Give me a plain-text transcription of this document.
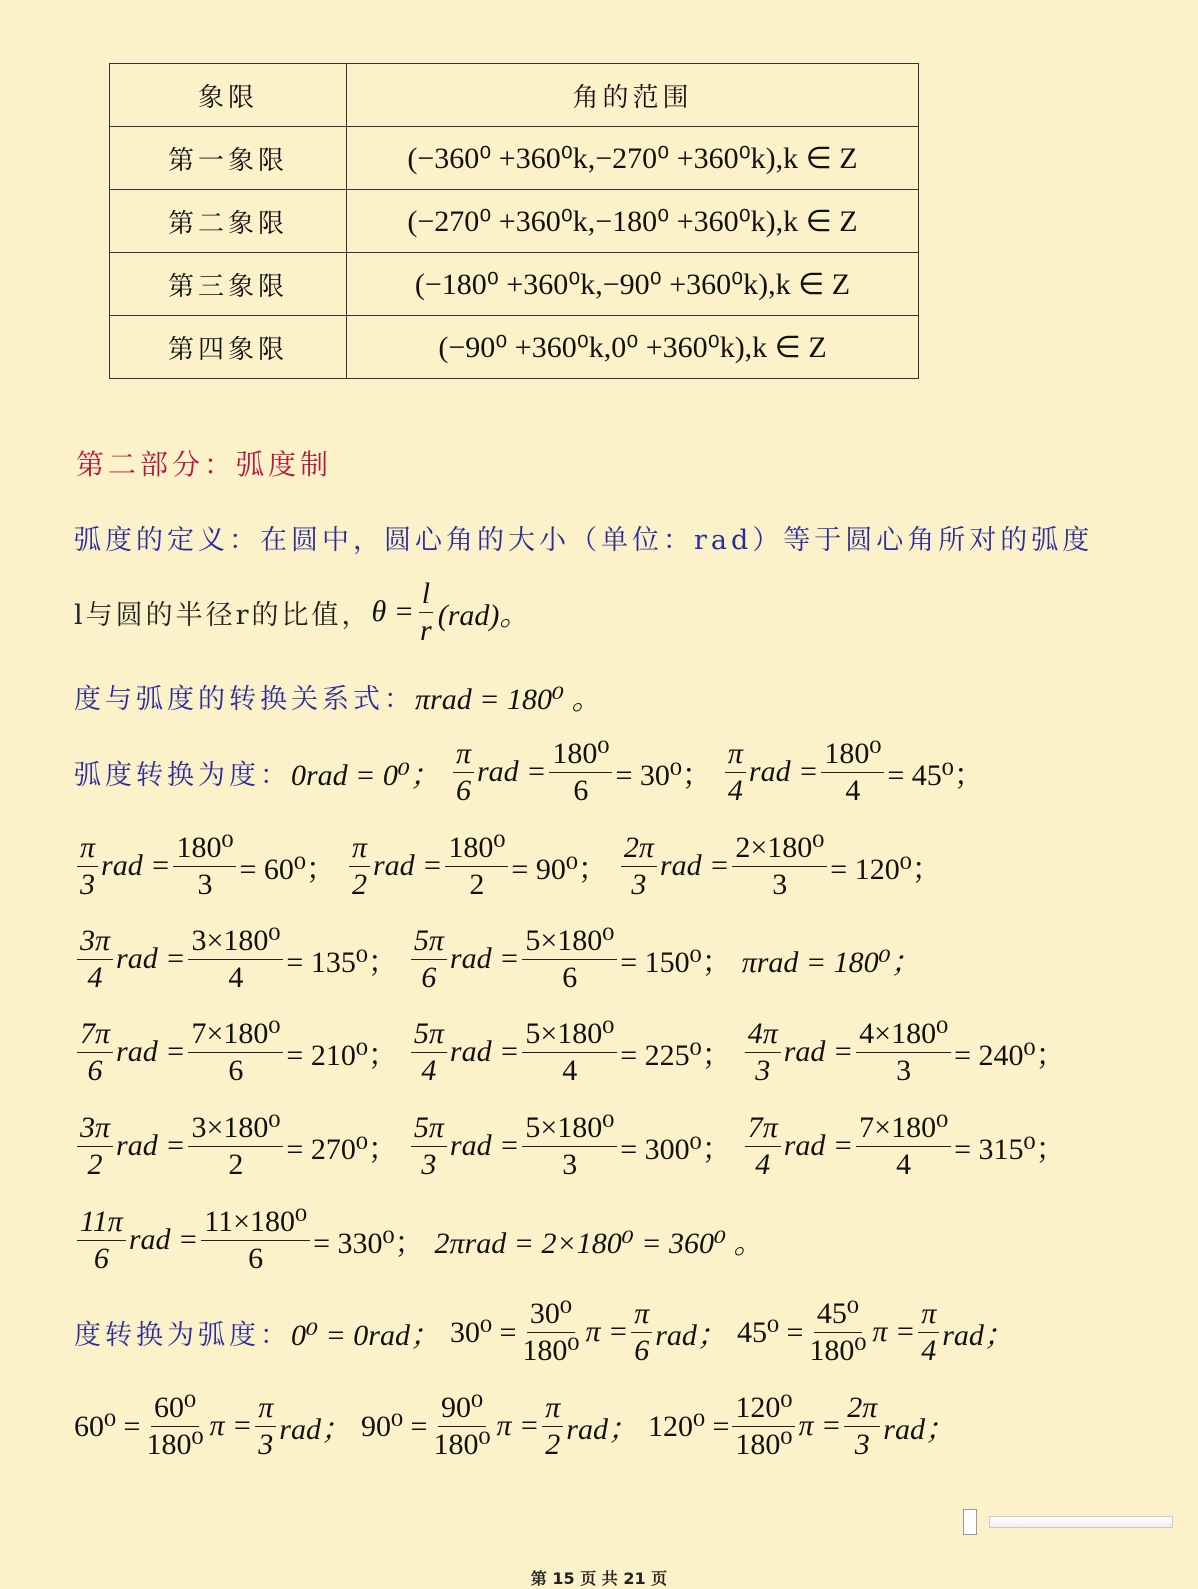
象限	角的范围
第一象限	(−360⁰ +360⁰k,−270⁰ +360⁰k),k ∈ Z
第二象限	(−270⁰ +360⁰k,−180⁰ +360⁰k),k ∈ Z
第三象限	(−180⁰ +360⁰k,−90⁰ +360⁰k),k ∈ Z
第四象限	(−90⁰ +360⁰k,0⁰ +360⁰k),k ∈ Z
第二部分：弧度制
弧度的定义：在圆中，圆心角的大小（单位：rad）等于圆心角所对的弧度
l与圆的半径r的比值， $\theta = \frac{l}{r} (rad)$。
度与弧度的转换关系式： πrad = 180⁰ 。
弧度转换为度： 0rad = 0⁰； $\frac{\pi}{6}$ rad = $\frac{\text{180⁰}}{6} = 30^0$； $\frac{\pi}{4}$ rad = $\frac{\text{180⁰}}{4} = 45^0$；
$\frac{\pi}{3}$ rad = $\frac{\text{180⁰}}{3} = 60^0$； $\frac{\pi}{2}$ rad = $\frac{\text{180⁰}}{2} = 90^0$； $\frac{2\pi}{3}$ rad = $\frac{\text{2×180⁰}}{3} = 120^0$；
$\frac{3\pi}{4}$ rad = $\frac{\text{3×180⁰}}{4} = 135^0$； $\frac{5\pi}{6}$ rad = $\frac{\text{5×180⁰}}{6} = 150^0$； πrad = 180⁰；
$\frac{7\pi}{6}$ rad = $\frac{\text{7×180⁰}}{6} = 210^0$； $\frac{5\pi}{4}$ rad = $\frac{\text{5×180⁰}}{4} = 225^0$； $\frac{4\pi}{3}$ rad = $\frac{\text{4×180⁰}}{3} = 240^0$；
$\frac{3\pi}{2}$ rad = $\frac{\text{3×180⁰}}{2} = 270^0$； $\frac{5\pi}{3}$ rad = $\frac{\text{5×180⁰}}{3} = 300^0$； $\frac{7\pi}{4}$ rad = $\frac{\text{7×180⁰}}{4} = 315^0$；
$\frac{11\pi}{6}$ rad = $\frac{\text{11×180⁰}}{6} = 330^0$； 2πrad = 2×180⁰ = 360⁰ 。
度转换为弧度： 0⁰ = 0rad； $30^0 = \frac{\text{30⁰}}{\text{180⁰}}$ $\pi = \frac{\pi}{6}$ rad； $45^0 = \frac{\text{45⁰}}{\text{180⁰}}$ $\pi = \frac{\pi}{4}$ rad；
$60^0 = \frac{\text{60⁰}}{\text{180⁰}}$ $\pi = \frac{\pi}{3}$ rad； $90^0 = \frac{\text{90⁰}}{\text{180⁰}}$ $\pi = \frac{\pi}{2}$ rad； $120^0 = \frac{\text{120⁰}}{\text{180⁰}}$ $\pi = \frac{2\pi}{3}$ rad；
第 15 页 共 21 页
